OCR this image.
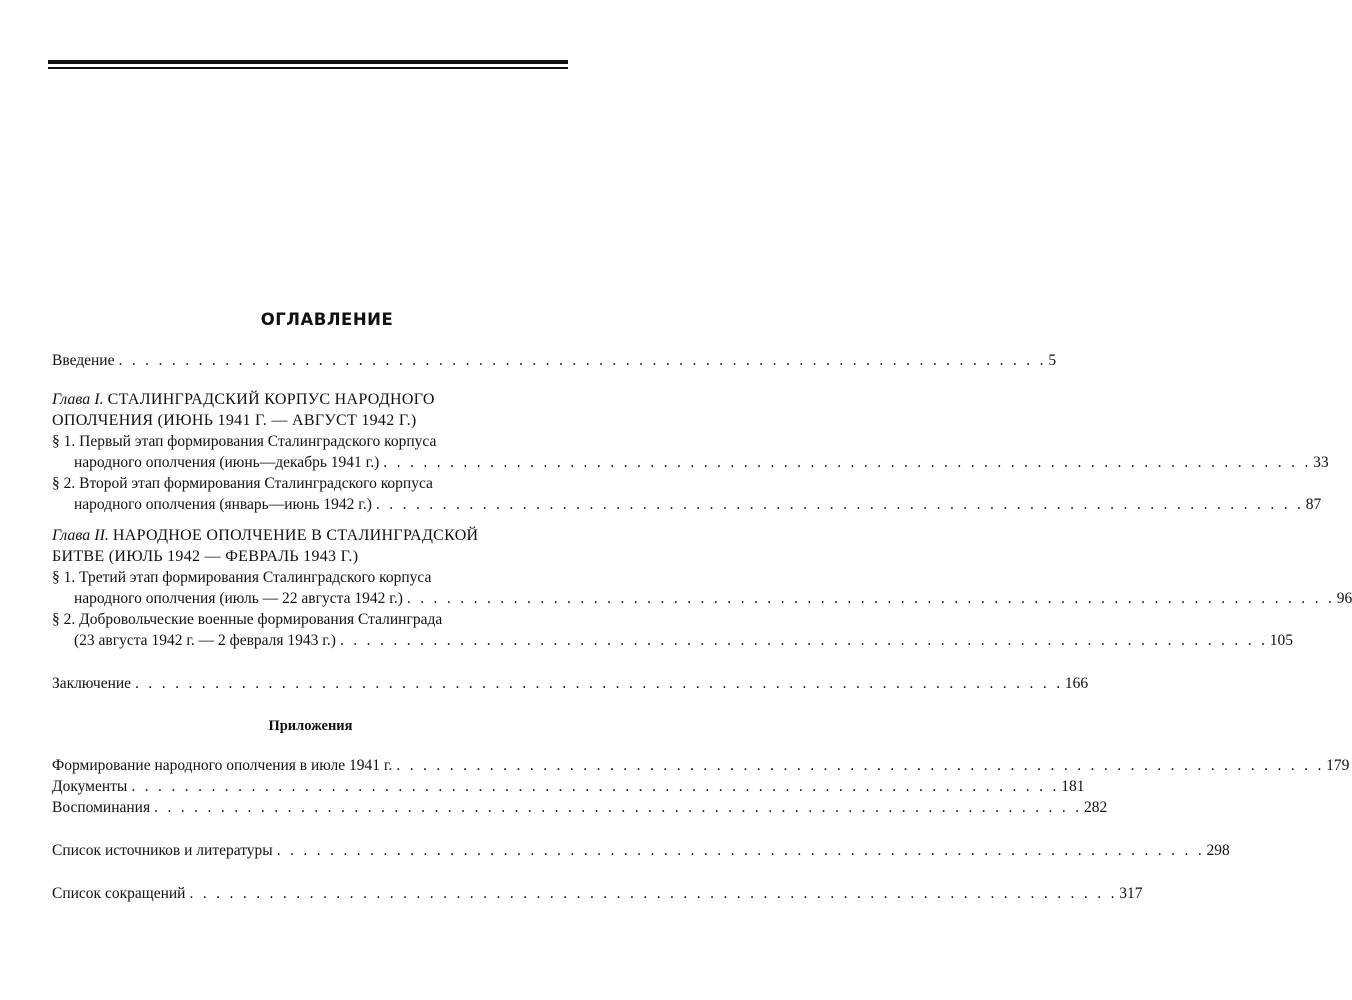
ОГЛАВЛЕНИЕ
Введение . . . . . . . . . . . . . . . . . . . . . . . . . . . . . . . . . . . . . . . . . . . . . . . . . . . . . . . . . . . . . . . . . . . . . . 5
Глава I. СТАЛИНГРАДСКИЙ КОРПУС НАРОДНОГО
ОПОЛЧЕНИЯ (ИЮНЬ 1941 Г. — АВГУСТ 1942 Г.)
§ 1. Первый этап формирования Сталинградского корпуса
народного ополчения (июнь—декабрь 1941 г.) . . . . . . . . . . . . . . . . . . . . . . . . . . . . . . . . . . . . . . . . . . . . . . . . . . . . . . . . . . . . . . . . . . . . . . 33
§ 2. Второй этап формирования Сталинградского корпуса
народного ополчения (январь—июнь 1942 г.) . . . . . . . . . . . . . . . . . . . . . . . . . . . . . . . . . . . . . . . . . . . . . . . . . . . . . . . . . . . . . . . . . . . . . . 87
Глава II. НАРОДНОЕ ОПОЛЧЕНИЕ В СТАЛИНГРАДСКОЙ
БИТВЕ (ИЮЛЬ 1942 — ФЕВРАЛЬ 1943 Г.)
§ 1. Третий этап формирования Сталинградского корпуса
народного ополчения (июль — 22 августа 1942 г.) . . . . . . . . . . . . . . . . . . . . . . . . . . . . . . . . . . . . . . . . . . . . . . . . . . . . . . . . . . . . . . . . . . . . . . 96
§ 2. Добровольческие военные формирования Сталинграда
(23 августа 1942 г. — 2 февраля 1943 г.) . . . . . . . . . . . . . . . . . . . . . . . . . . . . . . . . . . . . . . . . . . . . . . . . . . . . . . . . . . . . . . . . . . . . . . 105
Заключение . . . . . . . . . . . . . . . . . . . . . . . . . . . . . . . . . . . . . . . . . . . . . . . . . . . . . . . . . . . . . . . . . . . . . . 166
Приложения
Формирование народного ополчения в июле 1941 г. . . . . . . . . . . . . . . . . . . . . . . . . . . . . . . . . . . . . . . . . . . . . . . . . . . . . . . . . . . . . . . . . . . . . . . 179
Документы . . . . . . . . . . . . . . . . . . . . . . . . . . . . . . . . . . . . . . . . . . . . . . . . . . . . . . . . . . . . . . . . . . . . . . 181
Воспоминания . . . . . . . . . . . . . . . . . . . . . . . . . . . . . . . . . . . . . . . . . . . . . . . . . . . . . . . . . . . . . . . . . . . . . . 282
Список источников и литературы . . . . . . . . . . . . . . . . . . . . . . . . . . . . . . . . . . . . . . . . . . . . . . . . . . . . . . . . . . . . . . . . . . . . . . 298
Список сокращений . . . . . . . . . . . . . . . . . . . . . . . . . . . . . . . . . . . . . . . . . . . . . . . . . . . . . . . . . . . . . . . . . . . . . . 317
